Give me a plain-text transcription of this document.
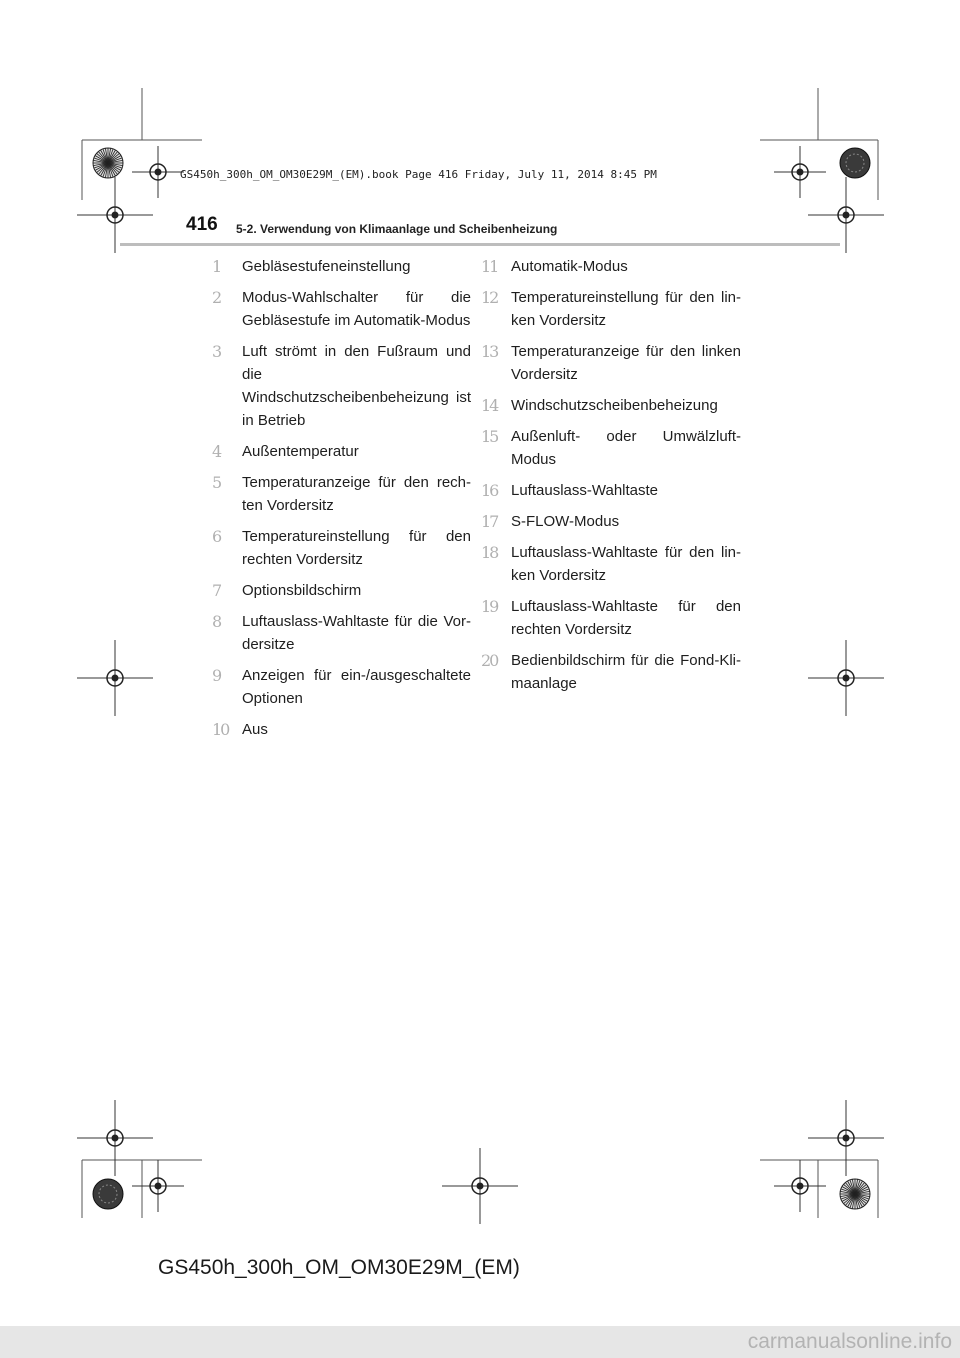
GS450h_300h_OM_OM30E29M_(EM).book Page 416 Friday, July 11, 2014 8:45 PM
416 5-2. Verwendung von Klimaanlage und Scheibenheizung
1 Gebläsestufeneinstellung
2 Modus-Wahlschalter für die Gebläsestufe im Automatik-Modus
3 Luft strömt in den Fußraum und die Windschutzscheibenbeheizung ist in Betrieb
4 Außentemperatur
5 Temperaturanzeige für den rech-ten Vordersitz
6 Temperatureinstellung für den rechten Vordersitz
7 Optionsbildschirm
8 Luftauslass-Wahltaste für die Vor-dersitze
9 Anzeigen für ein-/ausgeschaltete Optionen
10 Aus
11 Automatik-Modus
12 Temperatureinstellung für den lin-ken Vordersitz
13 Temperaturanzeige für den linken Vordersitz
14 Windschutzscheibenbeheizung
15 Außenluft- oder Umwälzluft-Modus
16 Luftauslass-Wahltaste
17 S-FLOW-Modus
18 Luftauslass-Wahltaste für den lin-ken Vordersitz
19 Luftauslass-Wahltaste für den rechten Vordersitz
20 Bedienbildschirm für die Fond-Kli-maanlage
GS450h_300h_OM_OM30E29M_(EM)
carmanualsonline.info
